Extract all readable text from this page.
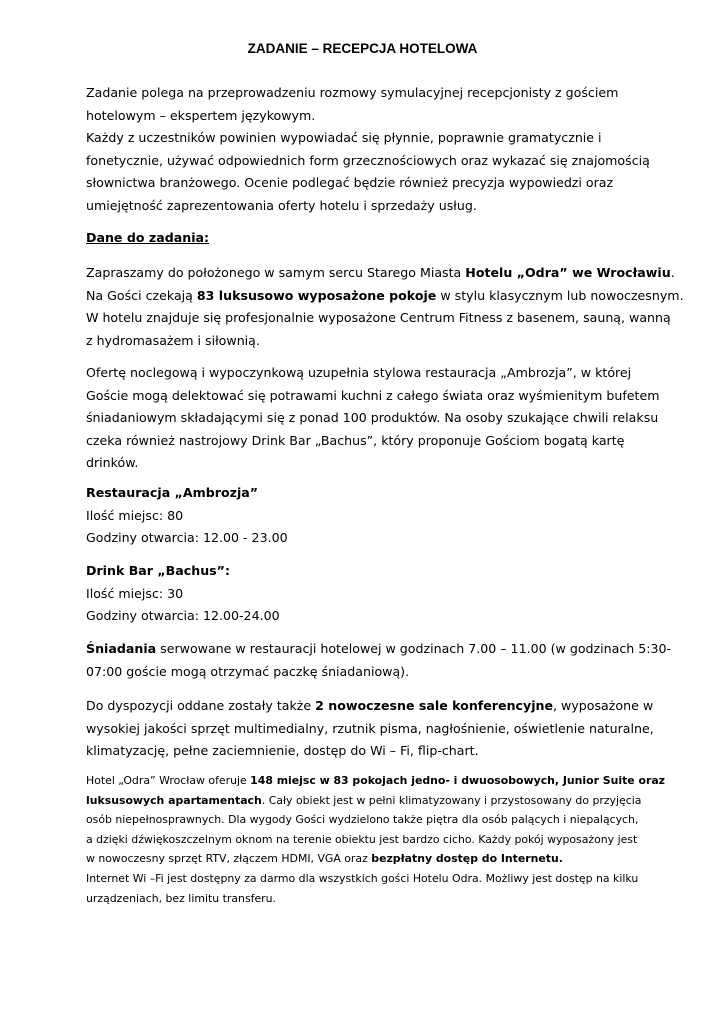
ZADANIE – RECEPCJA HOTELOWA

Zadanie polega na przeprowadzeniu rozmowy symulacyjnej recepcjonisty z gościem
hotelowym – ekspertem językowym.
Każdy z uczestników powinien wypowiadać się płynnie, poprawnie gramatycznie i
fonetycznie, używać odpowiednich form grzecznościowych oraz wykazać się znajomością
słownictwa branżowego. Ocenie podlegać będzie również precyzja wypowiedzi oraz
umiejętność zaprezentowania oferty hotelu i sprzedaży usług.

Dane do zadania:

Zapraszamy do położonego w samym sercu Starego Miasta Hotelu „Odra” we Wrocławiu.
Na Gości czekają 83 luksusowo wyposażone pokoje w stylu klasycznym lub nowoczesnym.
W hotelu znajduje się profesjonalnie wyposażone Centrum Fitness z basenem, sauną, wanną
z hydromasażem i siłownią.

Ofertę noclegową i wypoczynkową uzupełnia stylowa restauracja „Ambrozja”, w której
Goście mogą delektować się potrawami kuchni z całego świata oraz wyśmienitym bufetem
śniadaniowym składającymi się z ponad 100 produktów. Na osoby szukające chwili relaksu
czeka również nastrojowy Drink Bar „Bachus”, który proponuje Gościom bogatą kartę
drinków.

Restauracja „Ambrozja”
Ilość miejsc: 80
Godziny otwarcia: 12.00 - 23.00
Drink Bar „Bachus”:
Ilość miejsc: 30
Godziny otwarcia: 12.00-24.00

Śniadania serwowane w restauracji hotelowej w godzinach 7.00 – 11.00 (w godzinach 5:30-
07:00 goście mogą otrzymać paczkę śniadaniową).

Do dyspozycji oddane zostały także 2 nowoczesne sale konferencyjne, wyposażone w
wysokiej jakości sprzęt multimedialny, rzutnik pisma, nagłośnienie, oświetlenie naturalne,
klimatyzację, pełne zaciemnienie, dostęp do Wi – Fi, flip-chart.

Hotel „Odra” Wrocław oferuje 148 miejsc w 83 pokojach jedno- i dwuosobowych, Junior Suite oraz
luksusowych apartamentach. Cały obiekt jest w pełni klimatyzowany i przystosowany do przyjęcia
osób niepełnosprawnych. Dla wygody Gości wydzielono także piętra dla osób palących i niepalących,
a dzięki dźwiękoszczelnym oknom na terenie obiektu jest bardzo cicho. Każdy pokój wyposażony jest
w nowoczesny sprzęt RTV, złączem HDMI, VGA oraz bezpłatny dostęp do Internetu.
Internet Wi –Fi jest dostępny za darmo dla wszystkich gości Hotelu Odra. Możliwy jest dostęp na kilku
urządzeniach, bez limitu transferu.
